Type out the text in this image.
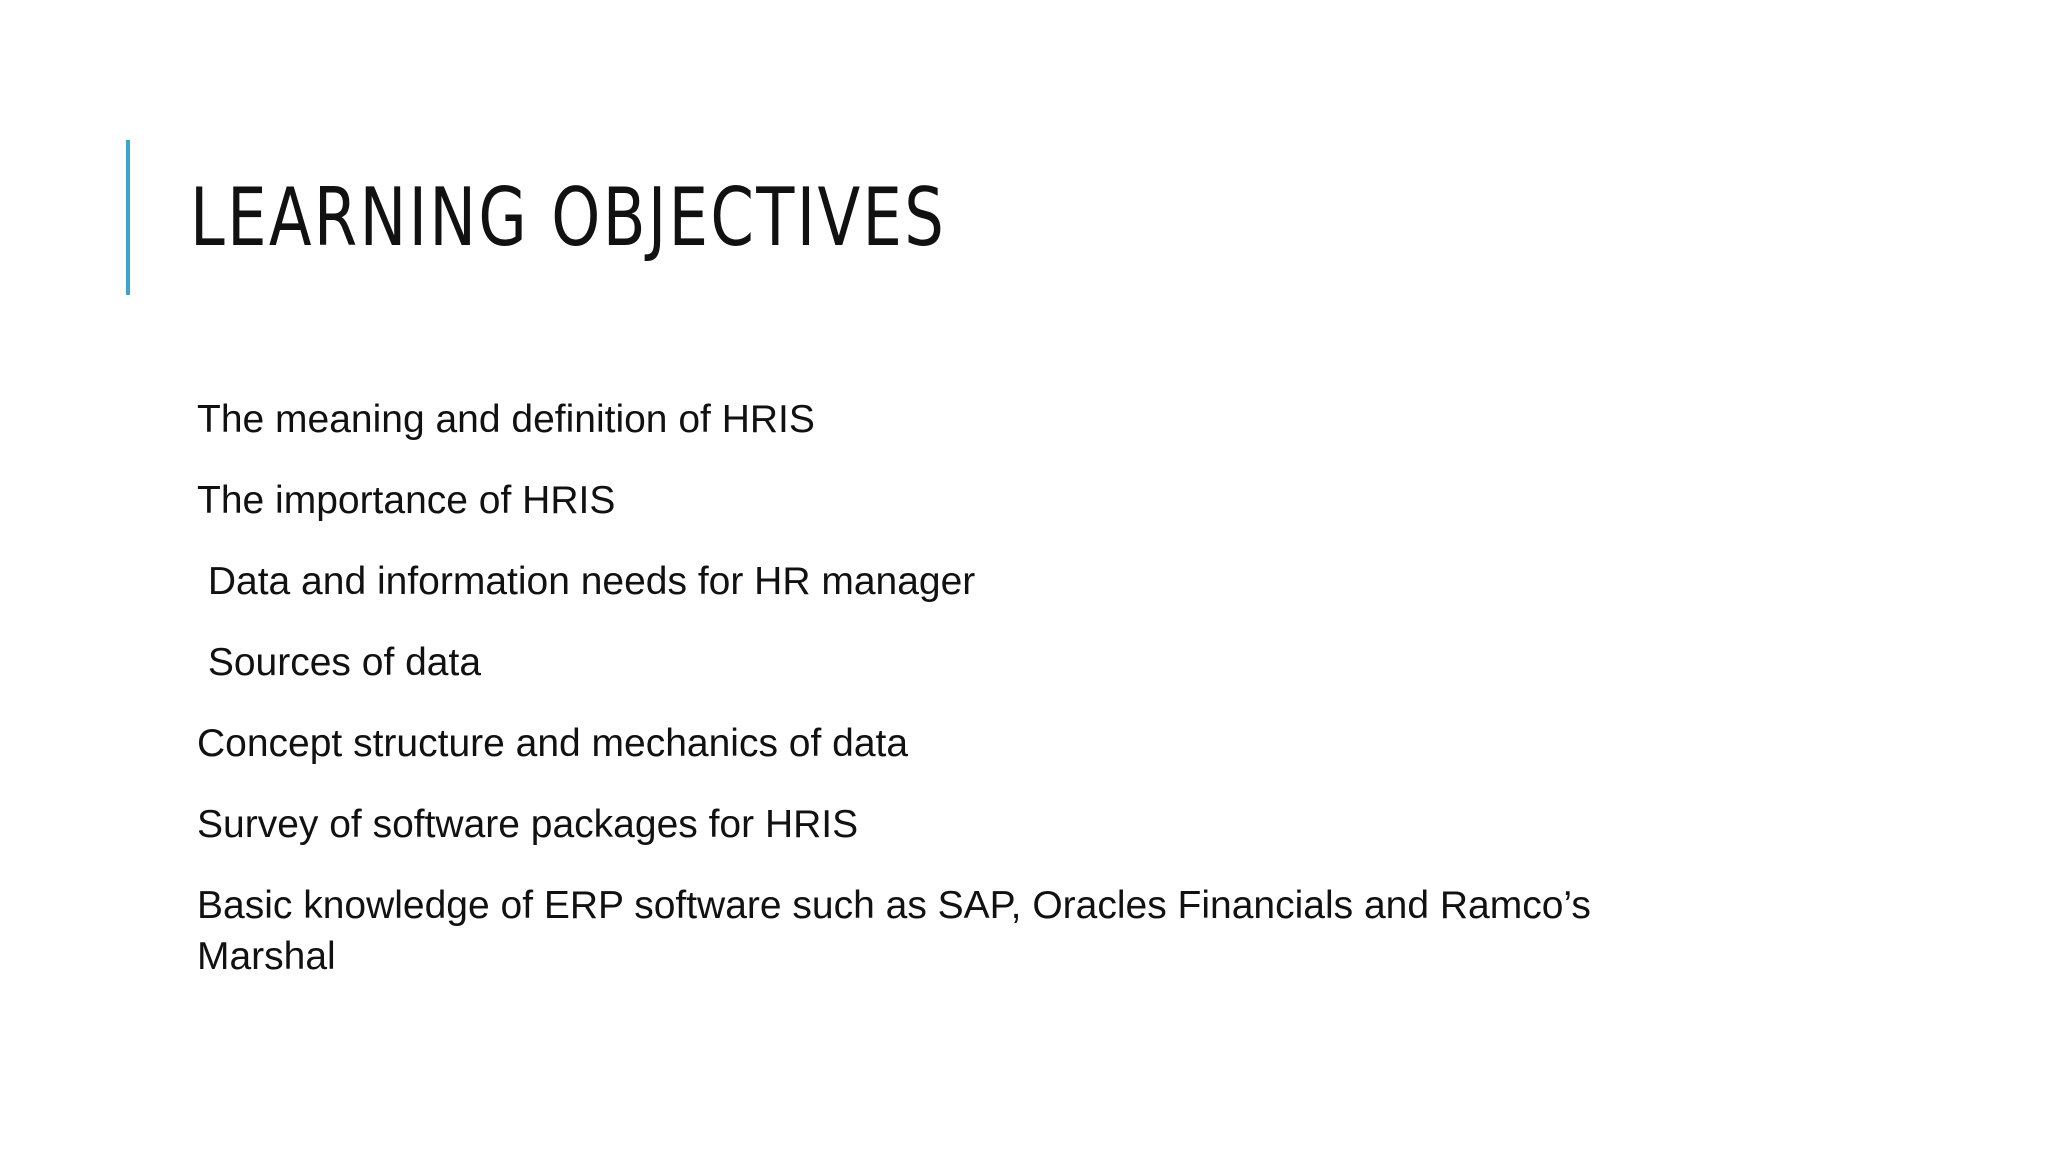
LEARNING OBJECTIVES
The meaning and definition of HRIS
The importance of HRIS
Data and information needs for HR manager
Sources of data
Concept structure and mechanics of data
Survey of software packages for HRIS
Basic knowledge of ERP software such as SAP, Oracles Financials and Ramco’s Marshal
